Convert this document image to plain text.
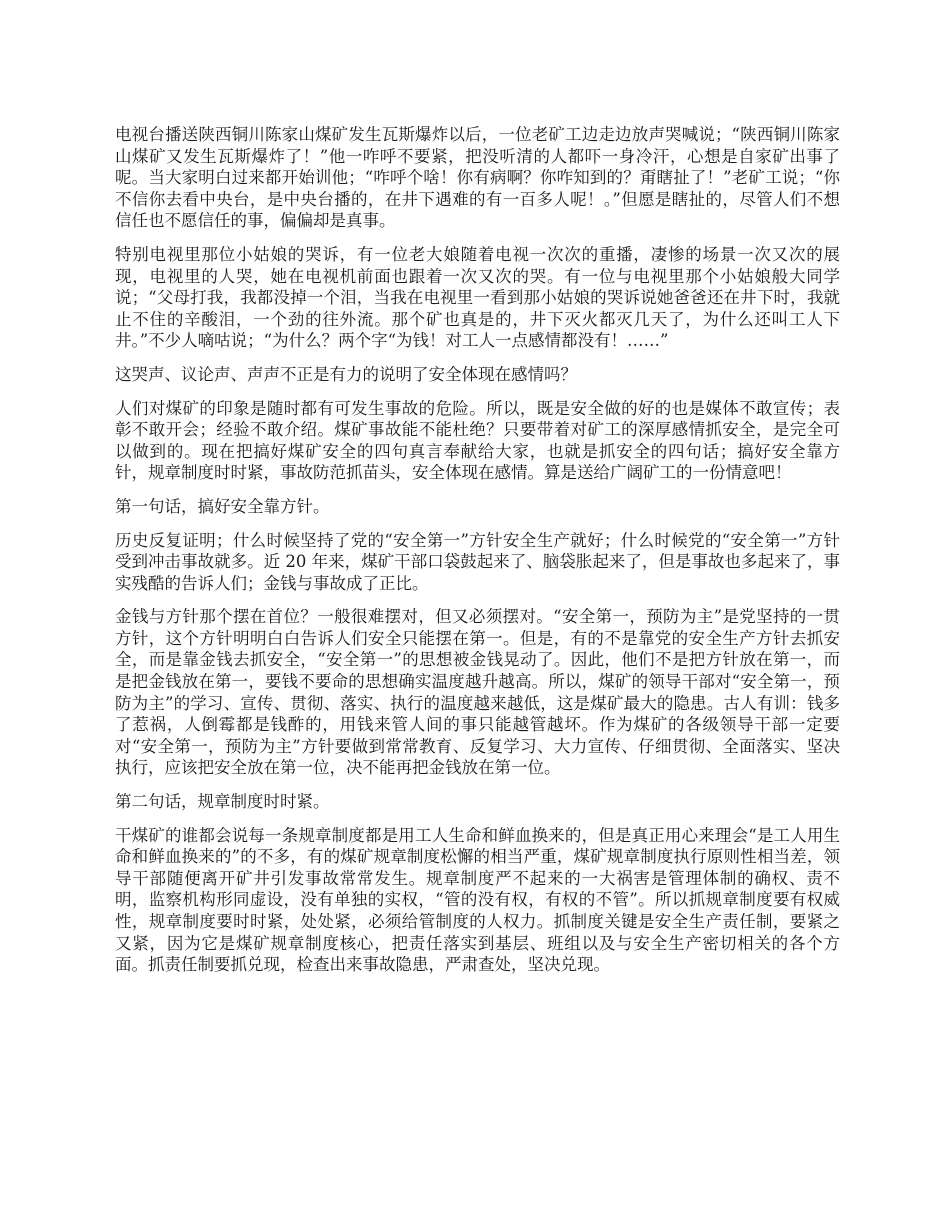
电视台播送陕西铜川陈家山煤矿发生瓦斯爆炸以后，一位老矿工边走边放声哭喊说；“陕西铜川陈家山煤矿又发生瓦斯爆炸了！”他一咋呼不要紧，把没听清的人都吓一身冷汗，心想是自家矿出事了呢。当大家明白过来都开始训他；“咋呼个啥！你有病啊？你咋知到的？甭瞎扯了！”老矿工说；“你不信你去看中央台，是中央台播的，在井下遇难的有一百多人呢！。”但愿是瞎扯的，尽管人们不想信任也不愿信任的事，偏偏却是真事。

特别电视里那位小姑娘的哭诉，有一位老大娘随着电视一次次的重播，凄惨的场景一次又次的展现，电视里的人哭，她在电视机前面也跟着一次又次的哭。有一位与电视里那个小姑娘般大同学说；“父母打我，我都没掉一个泪，当我在电视里一看到那小姑娘的哭诉说她爸爸还在井下时，我就止不住的辛酸泪，一个劲的往外流。那个矿也真是的，井下灭火都灭几天了，为什么还叫工人下井。”不少人嘀咕说；“为什么？两个字“为钱！对工人一点感情都没有！……”

这哭声、议论声、声声不正是有力的说明了安全体现在感情吗？

人们对煤矿的印象是随时都有可发生事故的危险。所以，既是安全做的好的也是媒体不敢宣传；表彰不敢开会；经验不敢介绍。煤矿事故能不能杜绝？只要带着对矿工的深厚感情抓安全，是完全可以做到的。现在把搞好煤矿安全的四句真言奉献给大家，也就是抓安全的四句话；搞好安全靠方针，规章制度时时紧，事故防范抓苗头，安全体现在感情。算是送给广阔矿工的一份情意吧！

第一句话，搞好安全靠方针。

历史反复证明；什么时候坚持了党的“安全第一”方针安全生产就好；什么时候党的“安全第一”方针受到冲击事故就多。近 20 年来，煤矿干部口袋鼓起来了、脑袋胀起来了，但是事故也多起来了，事实残酷的告诉人们；金钱与事故成了正比。

金钱与方针那个摆在首位？一般很难摆对，但又必须摆对。“安全第一，预防为主”是党坚持的一贯方针，这个方针明明白白告诉人们安全只能摆在第一。但是，有的不是靠党的安全生产方针去抓安全，而是靠金钱去抓安全，“安全第一”的思想被金钱晃动了。因此，他们不是把方针放在第一，而是把金钱放在第一，要钱不要命的思想确实温度越升越高。所以，煤矿的领导干部对“安全第一，预防为主”的学习、宣传、贯彻、落实、执行的温度越来越低，这是煤矿最大的隐患。古人有训：钱多了惹祸，人倒霉都是钱酢的，用钱来管人间的事只能越管越坏。作为煤矿的各级领导干部一定要对“安全第一，预防为主”方针要做到常常教育、反复学习、大力宣传、仔细贯彻、全面落实、坚决执行，应该把安全放在第一位，决不能再把金钱放在第一位。

第二句话，规章制度时时紧。

干煤矿的谁都会说每一条规章制度都是用工人生命和鲜血换来的，但是真正用心来理会“是工人用生命和鲜血换来的”的不多，有的煤矿规章制度松懈的相当严重，煤矿规章制度执行原则性相当差，领导干部随便离开矿井引发事故常常发生。规章制度严不起来的一大祸害是管理体制的确权、责不明，监察机构形同虚设，没有单独的实权，“管的没有权，有权的不管”。所以抓规章制度要有权威性，规章制度要时时紧，处处紧，必须给管制度的人权力。抓制度关键是安全生产责任制，要紧之又紧，因为它是煤矿规章制度核心，把责任落实到基层、班组以及与安全生产密切相关的各个方面。抓责任制要抓兑现，检查出来事故隐患，严肃查处，坚决兑现。
